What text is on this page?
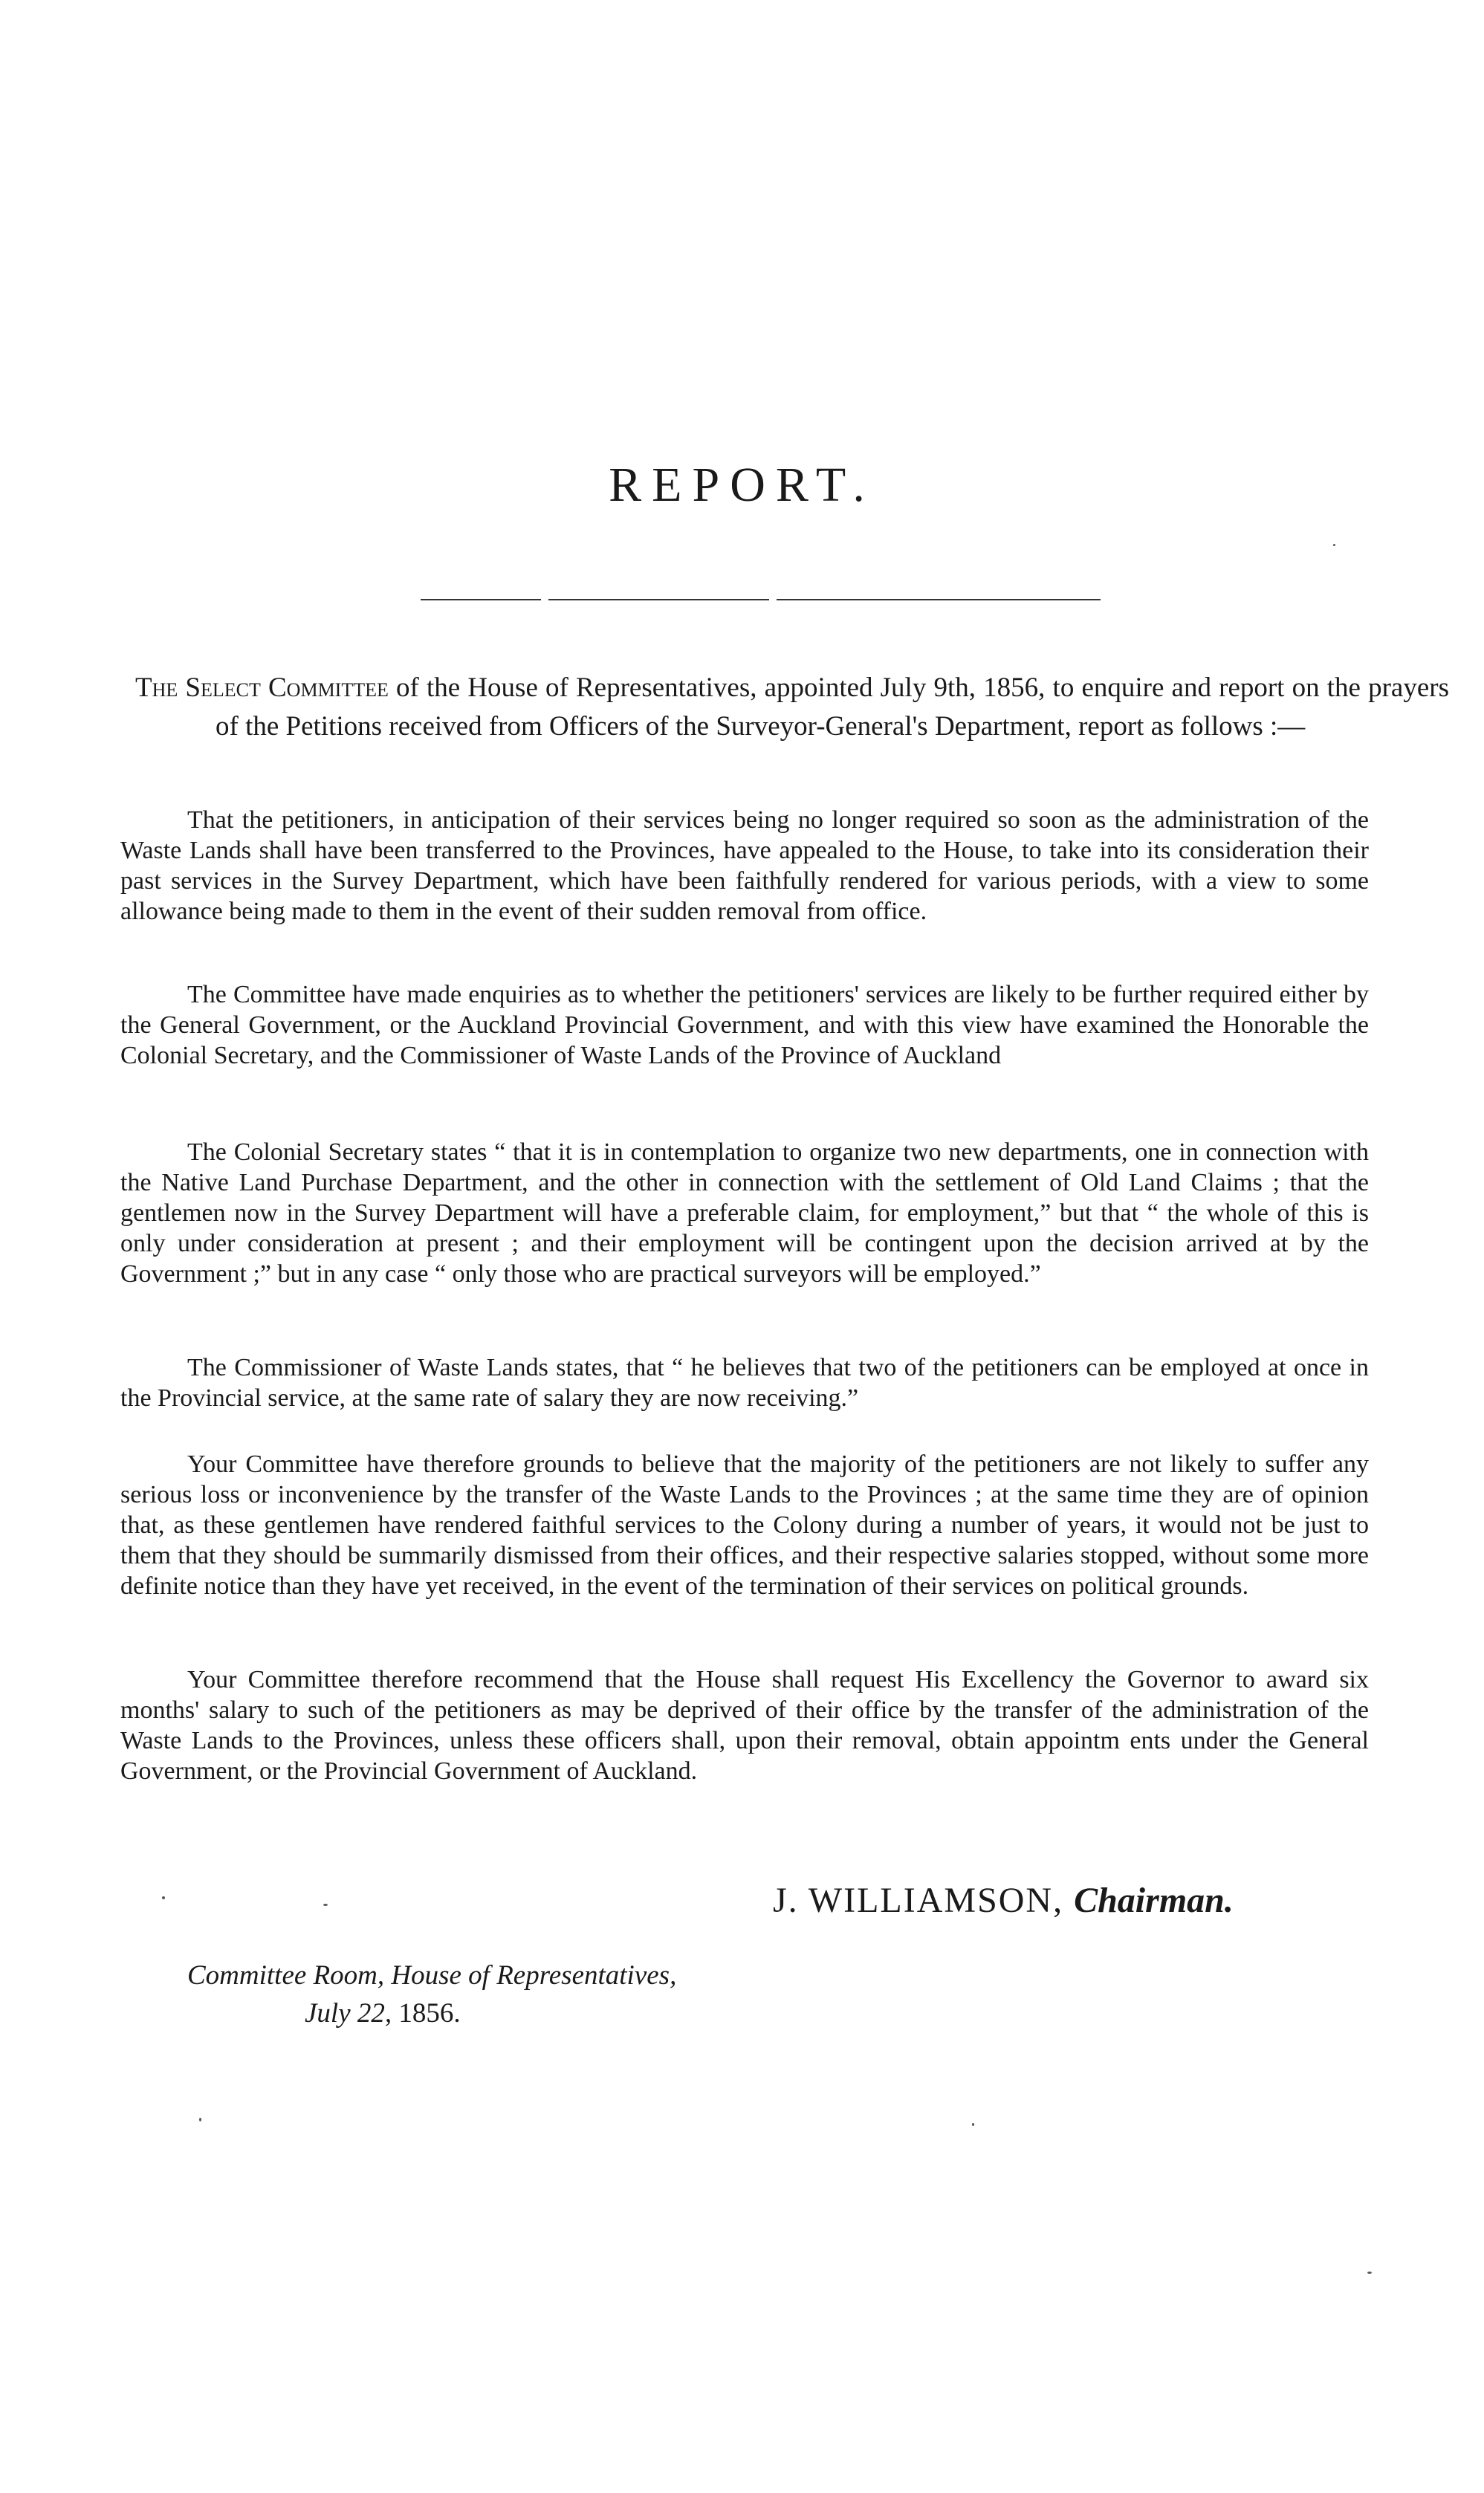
REPORT.

The Select Committee of the House of Representatives, appointed July 9th, 1856, to enquire and report on the prayers of the Petitions received from Officers of the Surveyor-General's Department, report as follows :—

That the petitioners, in anticipation of their services being no longer required so soon as the administration of the Waste Lands shall have been transferred to the Provinces, have appealed to the House, to take into its consideration their past services in the Survey Department, which have been faithfully rendered for various periods, with a view to some allowance being made to them in the event of their sudden removal from office.

The Committee have made enquiries as to whether the petitioners' services are likely to be further required either by the General Government, or the Auckland Provincial Government, and with this view have examined the Honorable the Colonial Secretary, and the Commissioner of Waste Lands of the Province of Auckland

The Colonial Secretary states “ that it is in contemplation to organize two new departments, one in connection with the Native Land Purchase Department, and the other in connection with the settlement of Old Land Claims ; that the gentlemen now in the Survey Department will have a preferable claim, for employment,” but that “ the whole of this is only under consideration at present ; and their employment will be contingent upon the decision arrived at by the Government ;” but in any case “ only those who are practical surveyors will be employed.”

The Commissioner of Waste Lands states, that “ he believes that two of the petitioners can be employed at once in the Provincial service, at the same rate of salary they are now receiving.”

Your Committee have therefore grounds to believe that the majority of the petitioners are not likely to suffer any serious loss or inconvenience by the transfer of the Waste Lands to the Provinces ; at the same time they are of opinion that, as these gentlemen have rendered faithful services to the Colony during a number of years, it would not be just to them that they should be summarily dismissed from their offices, and their respective salaries stopped, without some more definite notice than they have yet received, in the event of the termination of their services on political grounds.

Your Committee therefore recommend that the House shall request His Excellency the Governor to award six months' salary to such of the petitioners as may be deprived of their office by the transfer of the administration of the Waste Lands to the Provinces, unless these officers shall, upon their removal, obtain appointm ents under the General Government, or the Provincial Government of Auckland.

J. WILLIAMSON, Chairman.

Committee Room, House of Representatives,

July 22, 1856.
